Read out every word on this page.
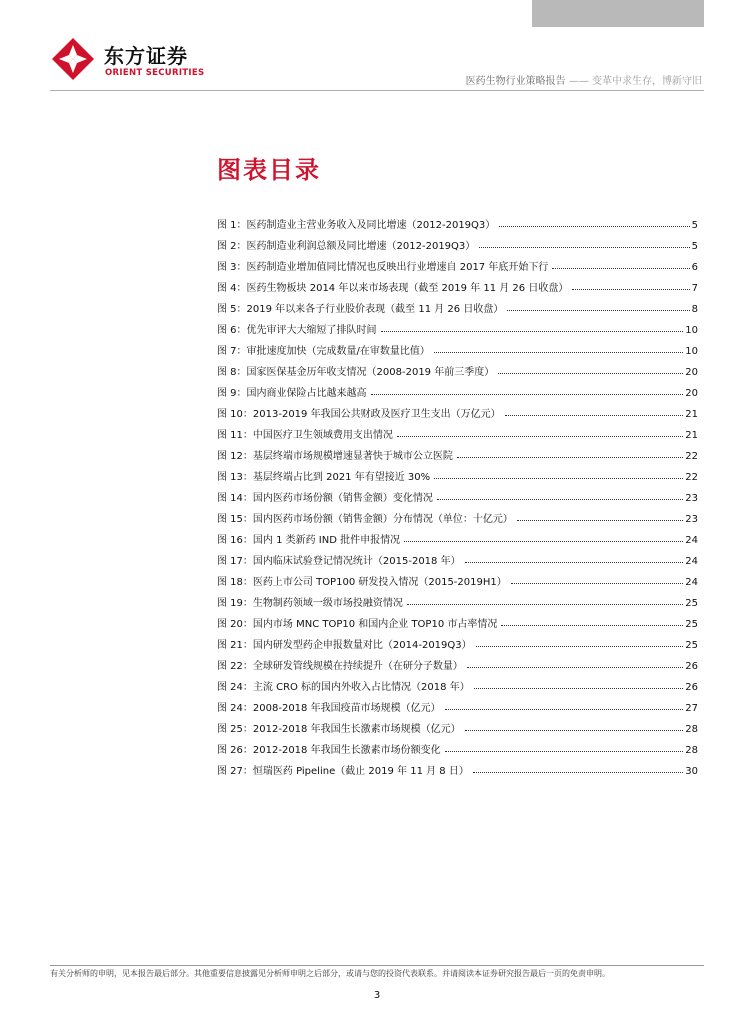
东方证券
ORIENT SECURITIES
医药生物行业策略报告 —— 变革中求生存，博新守旧
图表目录
图 1：医药制造业主营业务收入及同比增速（2012-2019Q3）	5
图 2：医药制造业利润总额及同比增速（2012-2019Q3）	5
图 3：医药制造业增加值同比情况也反映出行业增速自 2017 年底开始下行	6
图 4：医药生物板块 2014 年以来市场表现（截至 2019 年 11 月 26 日收盘）	7
图 5：2019 年以来各子行业股价表现（截至 11 月 26 日收盘）	8
图 6：优先审评大大缩短了排队时间	10
图 7：审批速度加快（完成数量/在审数量比值）	10
图 8：国家医保基金历年收支情况（2008-2019 年前三季度）	20
图 9：国内商业保险占比越来越高	20
图 10：2013-2019 年我国公共财政及医疗卫生支出（万亿元）	21
图 11：中国医疗卫生领域费用支出情况	21
图 12：基层终端市场规模增速显著快于城市公立医院	22
图 13：基层终端占比到 2021 年有望接近 30%	22
图 14：国内医药市场份额（销售金额）变化情况	23
图 15：国内医药市场份额（销售金额）分布情况（单位：十亿元）	23
图 16：国内 1 类新药 IND 批件申报情况	24
图 17：国内临床试验登记情况统计（2015-2018 年）	24
图 18：医药上市公司 TOP100 研发投入情况（2015-2019H1）	24
图 19：生物制药领域一级市场投融资情况	25
图 20：国内市场 MNC TOP10 和国内企业 TOP10 市占率情况	25
图 21：国内研发型药企申报数量对比（2014-2019Q3）	25
图 22：全球研发管线规模在持续提升（在研分子数量）	26
图 24：主流 CRO 标的国内外收入占比情况（2018 年）	26
图 24：2008-2018 年我国疫苗市场规模（亿元）	27
图 25：2012-2018 年我国生长激素市场规模（亿元）	28
图 26：2012-2018 年我国生长激素市场份额变化	28
图 27：恒瑞医药 Pipeline（截止 2019 年 11 月 8 日）	30
有关分析师的申明，见本报告最后部分。其他重要信息披露见分析师申明之后部分，或请与您的投资代表联系。并请阅读本证券研究报告最后一页的免责申明。
3
